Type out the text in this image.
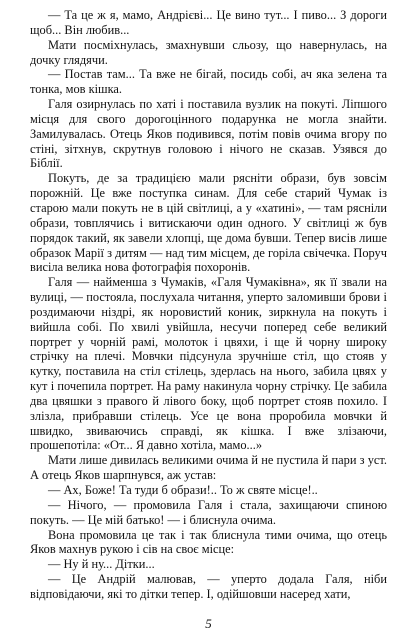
— Та це ж я, мамо, Андрієві... Це вино тут... І пиво... З дороги щоб... Він любив...

Мати посміхнулась, змахнувши сльозу, що навернулась, на дочку глядячи.

— Постав там... Та вже не бігай, посидь собі, ач яка зелена та тонка, мов кішка.

Галя озирнулась по хаті і поставила вузлик на покуті. Ліпшого місця для свого дорогоцінного подарунка не могла знайти. Замилувалась. Отець Яков подивився, потім повів очима вгору по стіні, зітхнув, скрутнув головою і нічого не сказав. Узявся до Біблії.

Покуть, де за традицією мали рясніти образи, був зовсім порожній. Це вже поступка синам. Для себе старий Чумак із старою мали покуть не в цій світлиці, а у «хатині», — там рясніли образи, товплячись і витискаючи один одного. У світлиці ж був порядок такий, як завели хлопці, ще дома бувши. Тепер висів лише образок Марії з дитям — над тим місцем, де горіла свічечка. Поруч висіла велика нова фотографія похоронів.

Галя — найменша з Чумаків, «Галя Чумаківна», як її звали на вулиці, — постояла, послухала читання, уперто заломивши брови і роздимаючи ніздрі, як норовистий коник, зиркнула на покуть і вийшла собі. По хвилі увійшла, несучи поперед себе великий портрет у чорній рамі, молоток і цвяхи, і ще й чорну широку стрічку на плечі. Мовчки підсунула зручніше стіл, що стояв у кутку, поставила на стіл стілець, здерлась на нього, забила цвях у кут і почепила портрет. На раму накинула чорну стрічку. Це забила два цвяшки з правого й лівого боку, щоб портрет стояв похило. І злізла, прибравши стілець. Усе це вона проробила мовчки й швидко, звиваючись справді, як кішка. І вже злізаючи, прошепотіла: «От... Я давно хотіла, мамо...»

Мати лише дивилась великими очима й не пустила й пари з уст. А отець Яков шарпнувся, аж устав:

— Ах, Боже! Та туди б образи!.. То ж святе місце!..

— Нічого, — промовила Галя і стала, захищаючи спиною покуть. — Це мій батько! — і блиснула очима.

Вона промовила це так і так блиснула тими очима, що отець Яков махнув рукою і сів на своє місце:

— Ну й ну... Дітки...

— Це Андрій малював, — уперто додала Галя, ніби відповідаючи, які то дітки тепер. І, одійшовши насеред хати,

5
